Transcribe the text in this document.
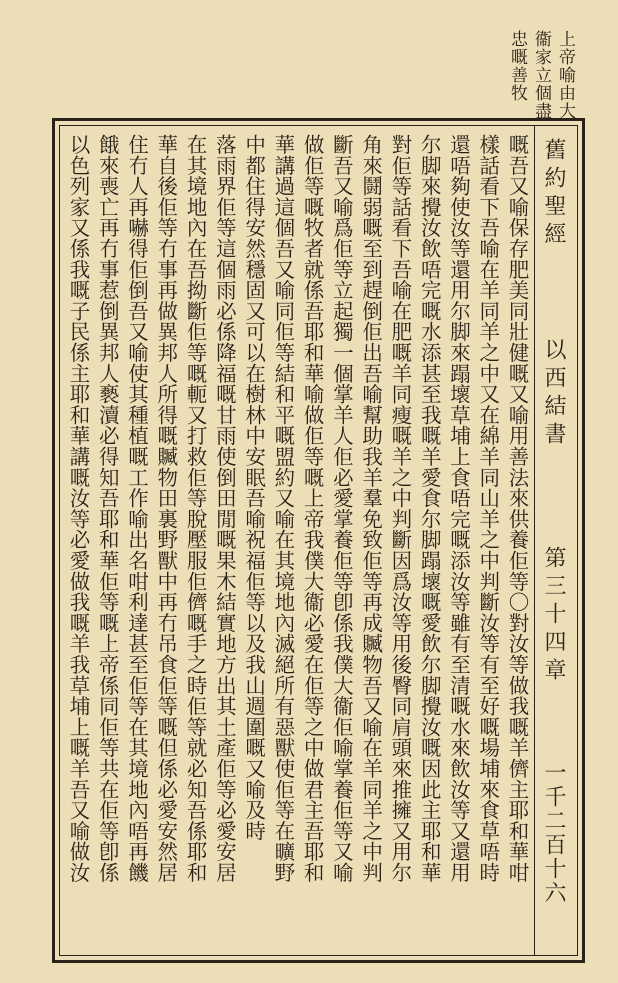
上帝喻由大
衞家立個盡
忠嘅善牧
舊約聖經
以西結書
第三十四章
一千二百十六
嘅吾又喻保存肥美同壯健嘅又喻用善法來供養佢等〇對汝等做我嘅羊儕主耶和華咁
樣話看下吾喻在羊同羊之中又在綿羊同山羊之中判斷汝等有至好嘅場埔來食草唔時
還唔夠使汝等還用尔脚來蹋壞草埔上食唔完嘅添汝等雖有至清嘅水來飲汝等又還用
尔脚來攪汝飲唔完嘅水添甚至我嘅羊愛食尔脚蹋壞嘅愛飲尔脚攪汝嘅因此主耶和華
對佢等話看下吾喻在肥嘅羊同瘦嘅羊之中判斷因爲汝等用後臀同肩頭來推擁又用尔
角來鬪弱嘅至到趕倒佢出吾喻幫助我羊羣免致佢等再成贓物吾又喻在羊同羊之中判
斷吾又喻爲佢等立起獨一個掌羊人佢必愛掌養佢等卽係我僕大衞佢喻掌養佢等又喻
做佢等嘅牧者就係吾耶和華喻做佢等嘅上帝我僕大衞必愛在佢等之中做君主吾耶和
華講過這個吾又喻同佢等結和平嘅盟約又喻在其境地內滅絕所有惡獸使佢等在曠野
中都住得安然穩固又可以在樹林中安眠吾喻祝福佢等以及我山週圍嘅又喻及時
落雨界佢等這個雨必係降福嘅甘雨使倒田閒嘅果木結實地方出其土產佢等必愛安居
在其境地內在吾拗斷佢等嘅軛又打救佢等脫壓服佢儕嘅手之時佢等就必知吾係耶和
華自後佢等冇事再做異邦人所得嘅贓物田裏野獸中再冇吊食佢等嘅但係必愛安然居
住冇人再嚇得佢倒吾又喻使其種植嘅工作喻出名咁利達甚至佢等在其境地內唔再饑
餓來喪亡再冇事惹倒異邦人褻瀆必得知吾耶和華佢等嘅上帝係同佢等共在佢等卽係
以色列家又係我嘅子民係主耶和華講嘅汝等必愛做我嘅羊我草埔上嘅羊吾又喻做汝
